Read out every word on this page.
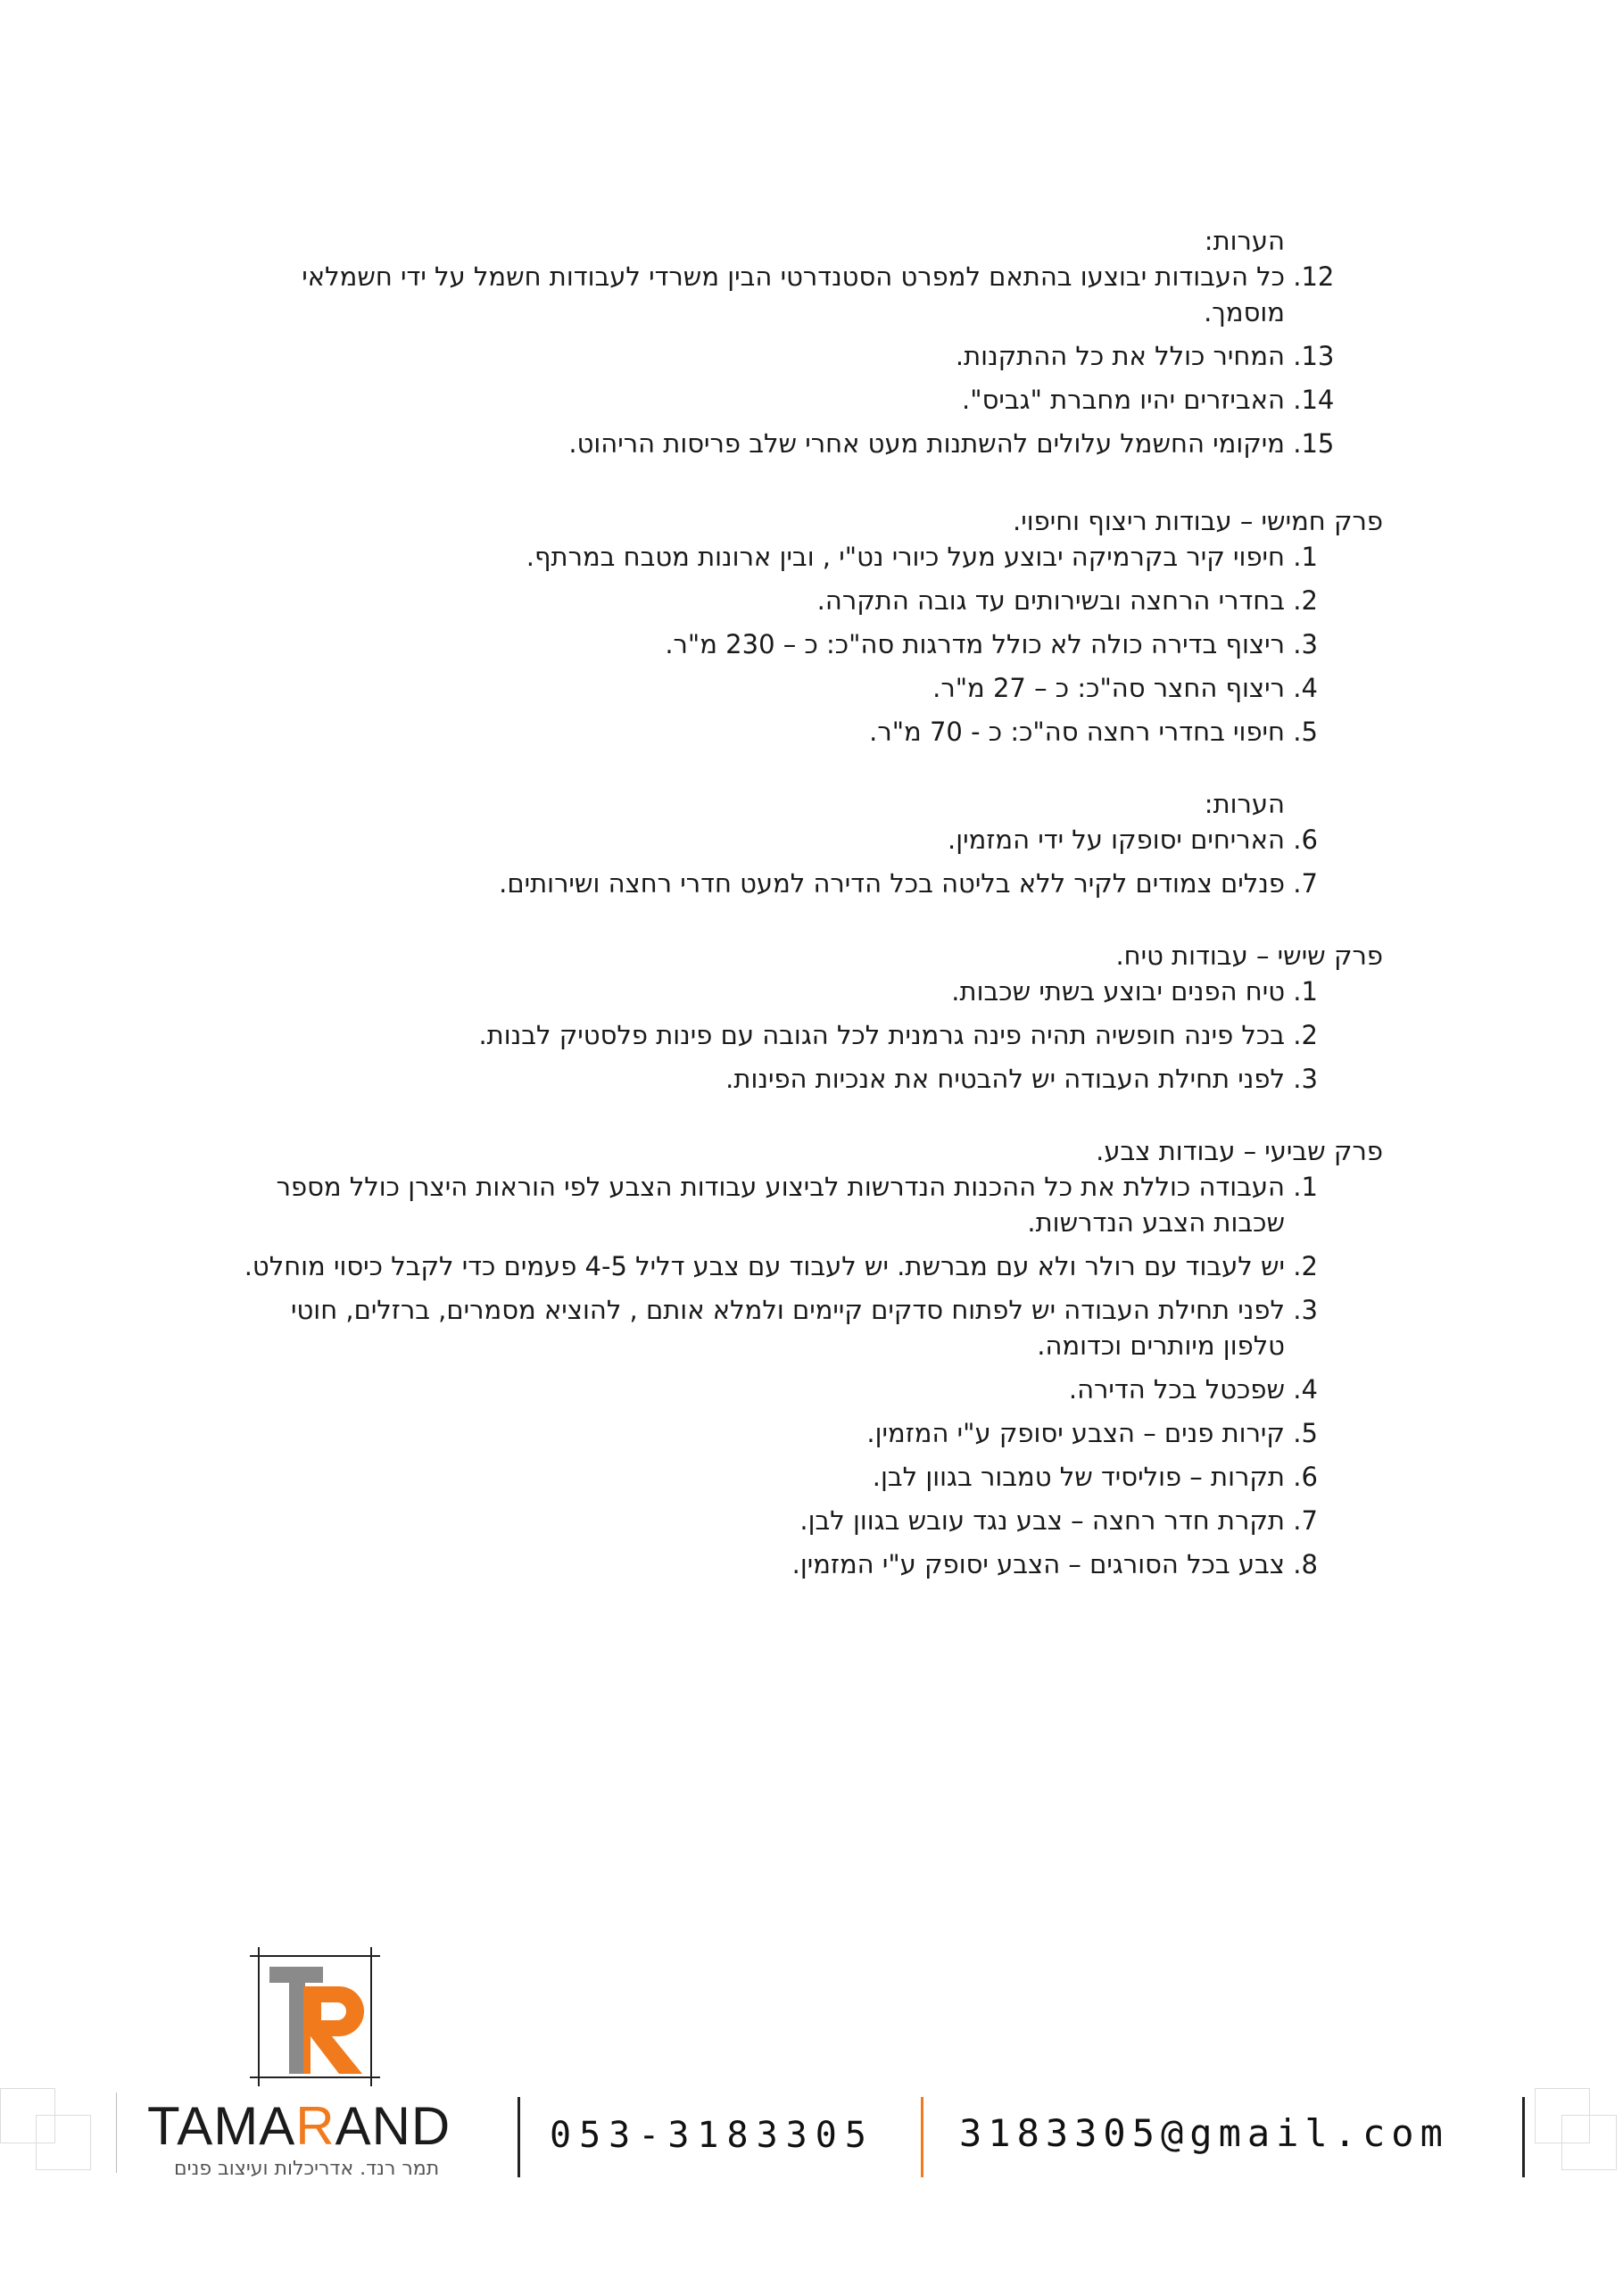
הערות:
12. כל העבודות יבוצעו בהתאם למפרט הסטנדרטי הבין משרדי לעבודות חשמל על ידי חשמלאי מוסמך.
13. המחיר כולל את כל ההתקנות.
14. האביזרים יהיו מחברת "גביס".
15. מיקומי החשמל עלולים להשתנות מעט אחרי שלב פריסות הריהוט.
פרק חמישי – עבודות ריצוף וחיפוי.
1. חיפוי קיר בקרמיקה יבוצע מעל כיורי נט"י , ובין ארונות מטבח במרתף.
2. בחדרי הרחצה ובשירותים עד גובה התקרה.
3. ריצוף בדירה כולה לא כולל מדרגות סה"כ: כ – 230 מ"ר.
4. ריצוף החצר סה"כ: כ – 27 מ"ר.
5. חיפוי בחדרי רחצה סה"כ: כ - 70 מ"ר.
הערות:
6. האריחים יסופקו על ידי המזמין.
7. פנלים צמודים לקיר ללא בליטה בכל הדירה למעט חדרי רחצה ושירותים.
פרק שישי – עבודות טיח.
1. טיח הפנים יבוצע בשתי שכבות.
2. בכל פינה חופשיה תהיה פינה גרמנית לכל הגובה עם פינות פלסטיק לבנות.
3. לפני תחילת העבודה יש להבטיח את אנכיות הפינות.
פרק שביעי – עבודות צבע.
1. העבודה כוללת את כל ההכנות הנדרשות לביצוע עבודות הצבע לפי הוראות היצרן כולל מספר שכבות הצבע הנדרשות.
2. יש לעבוד עם רולר ולא עם מברשת. יש לעבוד עם צבע דליל 4-5 פעמים כדי לקבל כיסוי מוחלט.
3. לפני תחילת העבודה יש לפתוח סדקים קיימים ולמלא אותם , להוציא מסמרים, ברזלים, חוטי טלפון מיותרים וכדומה.
4. שפכטל בכל הדירה.
5. קירות פנים – הצבע יסופק ע"י המזמין.
6. תקרות – פוליסיד של טמבור בגוון לבן.
7. תקרת חדר רחצה – צבע נגד עובש בגוון לבן.
8. צבע בכל הסורגים – הצבע יסופק ע"י המזמין.
TAMARAND
תמר רנד. אדריכלות ועיצוב פנים
053-3183305 3183305@gmail.com
